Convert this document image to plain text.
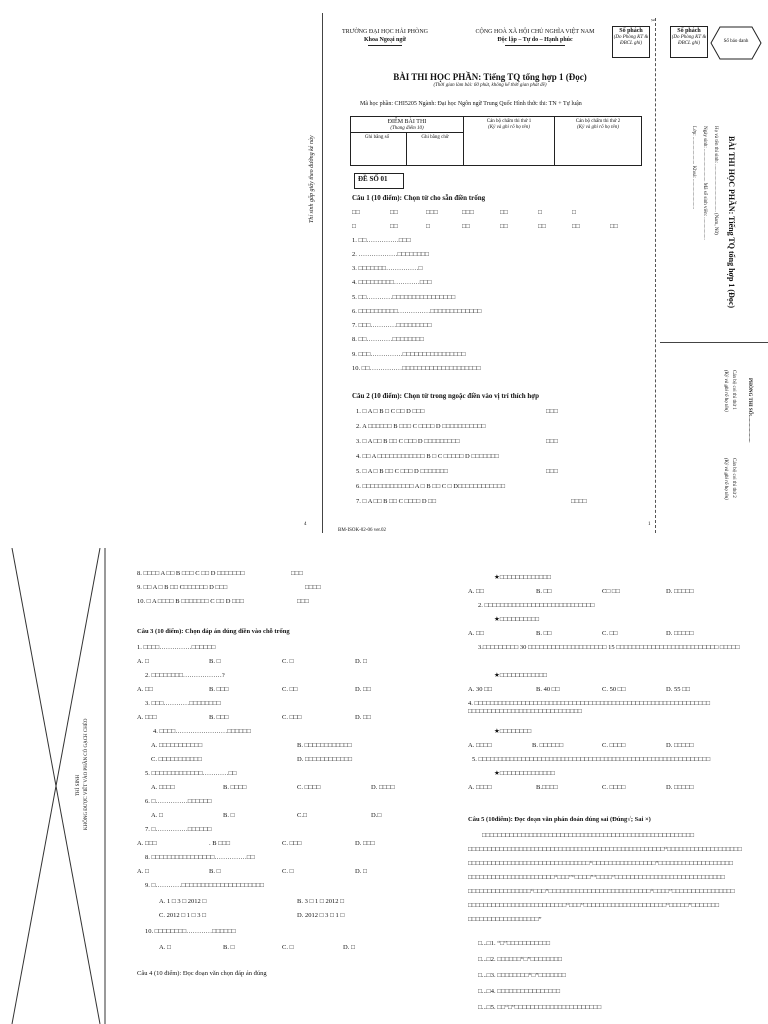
Thí sinh gấp giấy theo đường kẻ này
TRƯỜNG ĐẠI HỌC HẢI PHÒNG
Khoa Ngoại ngữ
CỘNG HOÀ XÃ HỘI CHỦ NGHĨA VIỆT NAM
Độc lập – Tự do – Hạnh phúc
Số phách
(Do Phòng KT & ĐBCL ghi)
✂
Số phách
(Do Phòng KT & ĐBCL ghi)	Số báo danh
BÀI THI HỌC PHẦN: Tiếng TQ tổng hợp 1 (Đọc)
(Thời gian làm bài: 60 phút, không kể thời gian phát đề)
Mã học phần: CHI5205 Ngành: Đại học Ngôn ngữ Trung Quốc Hình thức thi: TN + Tự luận
ĐIỂM BÀI THI
(Thang điểm 10)
Ghi bằng số	Ghi bằng chữ
Cán bộ chấm thi thứ 1
(Ký và ghi rõ họ tên)
Cán bộ chấm thi thứ 2
(Ký và ghi rõ họ tên)
ĐỀ SỐ 01
Câu 1 (10 điểm): Chọn từ cho sẵn điền trống
□□	□□	□□□	□□□	□□	□	□
□	□□	□	□□	□□	□□	□□	□□
1. □□……………□□□
2. ………………□□□□□□□□
3. □□□□□□□……………□
4. □□□□□□□□□…………□□□
5. □□…………□□□□□□□□□□□□□□□□
6. □□□□□□□□□□……………□□□□□□□□□□□□□
7. □□□…………□□□□□□□□□
8. □□…………□□□□□□□□
9. □□□……………□□□□□□□□□□□□□□□□
10. □□……………□□□□□□□□□□□□□□□□□□□□
Câu 2 (10 điểm): Chọn từ trong ngoặc điền vào vị trí thích hợp
1. □ A □ B □ C □□ D □□□	□□□
2. A □□□□□□ B □□□ C □□□□ D □□□□□□□□□□□
3. □ A □□ B □□ C □□□ D □□□□□□□□□	□□□
4. □□ A □□□□□□□□□□□□ B □ C □□□□□ D □□□□□□□
5. □ A □ B □□ C □□□ D □□□□□□□	□□□
6. □□□□□□□□□□□□□ A □ B □□ C □ D□□□□□□□□□□□□
7. □ A □□ B □□ C □□□□ D □□	□□□□
4
BM-ISOK-02-06 ver.02
1
BÀI THI HỌC PHẦN: Tiếng TQ tổng hợp 1 (Đọc)
Họ và tên thí sinh: ...................................... (Nam, Nữ)
Ngày sinh: .......................... Mã số sinh viên: ..................
Lớp: ...................... Khoá: ........................
PHÒNG THI SỐ:.....................
Cán bộ coi thi thứ 1
(Ký và ghi rõ họ tên)
Cán bộ coi thi thứ 2
(Ký và ghi rõ họ tên)
THÍ SINH KHÔNG ĐƯỢC VIẾT VÀO PHẦN CÓ GẠCH CHÉO
8. □□□□ A □□ B □□□ C □□ D □□□□□□□	□□□
9. □□ A □ B □□ C□□□□□□ D □□□	□□□□
10. □ A □□□□ B □□□□□□□ C □□ D □□□	□□□
Câu 3 (10 điểm): Chọn đáp án đúng điền vào chỗ trống
1. □□□□……………□□□□□□
A. □	B. □	C. □	D. □
2. □□□□□□□□………………?
A. □□	B. □□□	C. □□	D. □□
3. □□□…………□□□□□□□□
A. □□□	B. □□□	C. □□□	D. □□
4. □□□□……………………□□□□□□
A. □□□□□□□□□□□	B. □□□□□□□□□□□□
C. □□□□□□□□□□□	D. □□□□□□□□□□□□
5. □□□□□□□□□□□□□…………□□
A. □□□□	B. □□□□	C. □□□□	D. □□□□
6. □……………□□□□□□
A. □	B. □	C.□	D.□
7. □……………□□□□□□
A. □□□	. B □□□	C. □□□	D. □□□
8. □□□□□□□□□□□□□□□□……………□□
A. □	B. □	C. □	D. □
9. □…………□□□□□□□□□□□□□□□□□□□□□
A. 1 □ 3 □ 2012 □	B. 3 □ 1 □ 2012 □
C. 2012 □ 1 □ 3 □	D. 2012 □ 3 □ 1 □
10. □□□□□□□□…………□□□□□□
A. □	B. □	C. □	D. □
Câu 4 (10 điểm): Đọc đoạn văn chọn đáp án đúng
★□□□□□□□□□□□□□
A. □□	B. □□	C□ □□	D. □□□□□
2. □□□□□□□□□□□□□□□□□□□□□□□□□□□□
★□□□□□□□□□□
A. □□	B. □□	C. □□	D. □□□□□
3.□□□□□□□□□ 30 □□□□□□□□□□□□□□□□□□□□ 15 □□□□□□□□□□□□□□□□□□□□□□□□□□ □□□□□
★□□□□□□□□□□□□
A. 30 □□	B. 40 □□	C. 50 □□	D. 55 □□
4. □□□□□□□□□□□□□□□□□□□□□□□□□□□□□□□□□□□□□□□□□□□□□□□□□□□□□□□□□□□□ □□□□□□□□□□□□□□□□□□□□□□□□□□□□□
★□□□□□□□□
A. □□□□	B. □□□□□□	C. □□□□	D. □□□□□
5. □□□□□□□□□□□□□□□□□□□□□□□□□□□□□□□□□□□□□□□□□□□□□□□□□□□□□□□□□□□
★□□□□□□□□□□□□□□
A. □□□□	B.□□□□	C. □□□□	D. □□□□□
Câu 5 (10điểm): Đọc đoạn văn phán đoán đúng sai (Đúng√; Sai ×)
□□□□□□□□□□□□□□□□□□□□□□□□□□□□□□□□□□□□□□□□□□□□□□□□□□□□□□
□□□□□□□□□□□□□□□□□□□□□□□□□□□□□□□□□□□□□□□□□□□□□□□□□□“□□□□□□□□□□□□□□□□□□□
□□□□□□□□□□□□□□□□□□□□□□□□□□□□□□□“□□□□□□□□□□□□□□□□”□□□□□□□□□□□□□□□□□□□
□□□□□□□□□□□□□□□□□□□□□□“□□□”“□□□□”“□□□□”□□□□□□□□□□□□□□□□□□□□□□□□□□□□
□□□□□□□□□□□□□□□□“□□□”□□□□□□□□□□□□□□□□□□□□□□□□□□“□□□□”□□□□□□□□□□□□□□□□
□□□□□□□□□□□□□□□□□□□□□□□□□“□□□”□□□□□□□□□□□□□□□□□□□□□“□□□□□”□□□□□□□
□□□□□□□□□□□□□□□□□□”
□...□1. “□”□□□□□□□□□□□
□...□2. □□□□□□“□”□□□□□□□□
□...□3. □□□□□□□□“□”□□□□□□□
□...□4. □□□□□□□□□□□□□□□□
□...□5. □□“□”□□□□□□□□□□□□□□□□□□□□□□
